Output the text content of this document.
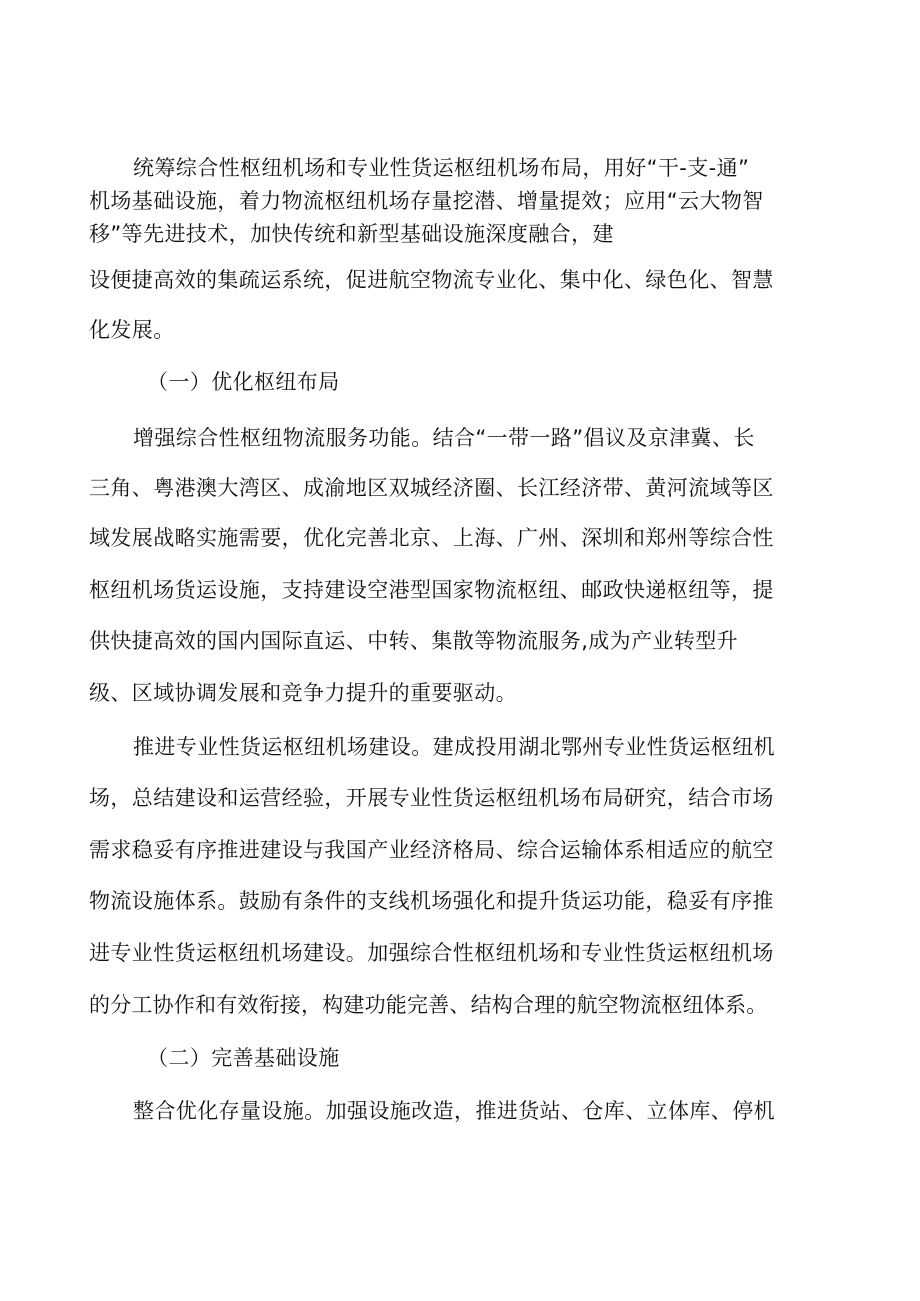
统筹综合性枢纽机场和专业性货运枢纽机场布局，用好“干-支-通”
机场基础设施，着力物流枢纽机场存量挖潜、增量提效；应用“云大物智
移”等先进技术，加快传统和新型基础设施深度融合，建
设便捷高效的集疏运系统，促进航空物流专业化、集中化、绿色化、智慧
化发展。
（一）优化枢纽布局
增强综合性枢纽物流服务功能。结合“一带一路”倡议及京津冀、长
三角、粤港澳大湾区、成渝地区双城经济圈、长江经济带、黄河流域等区
域发展战略实施需要，优化完善北京、上海、广州、深圳和郑州等综合性
枢纽机场货运设施，支持建设空港型国家物流枢纽、邮政快递枢纽等，提
供快捷高效的国内国际直运、中转、集散等物流服务,成为产业转型升
级、区域协调发展和竞争力提升的重要驱动。
推进专业性货运枢纽机场建设。建成投用湖北鄂州专业性货运枢纽机
场，总结建设和运营经验，开展专业性货运枢纽机场布局研究，结合市场
需求稳妥有序推进建设与我国产业经济格局、综合运输体系相适应的航空
物流设施体系。鼓励有条件的支线机场强化和提升货运功能，稳妥有序推
进专业性货运枢纽机场建设。加强综合性枢纽机场和专业性货运枢纽机场
的分工协作和有效衔接，构建功能完善、结构合理的航空物流枢纽体系。
（二）完善基础设施
整合优化存量设施。加强设施改造，推进货站、仓库、立体库、停机
